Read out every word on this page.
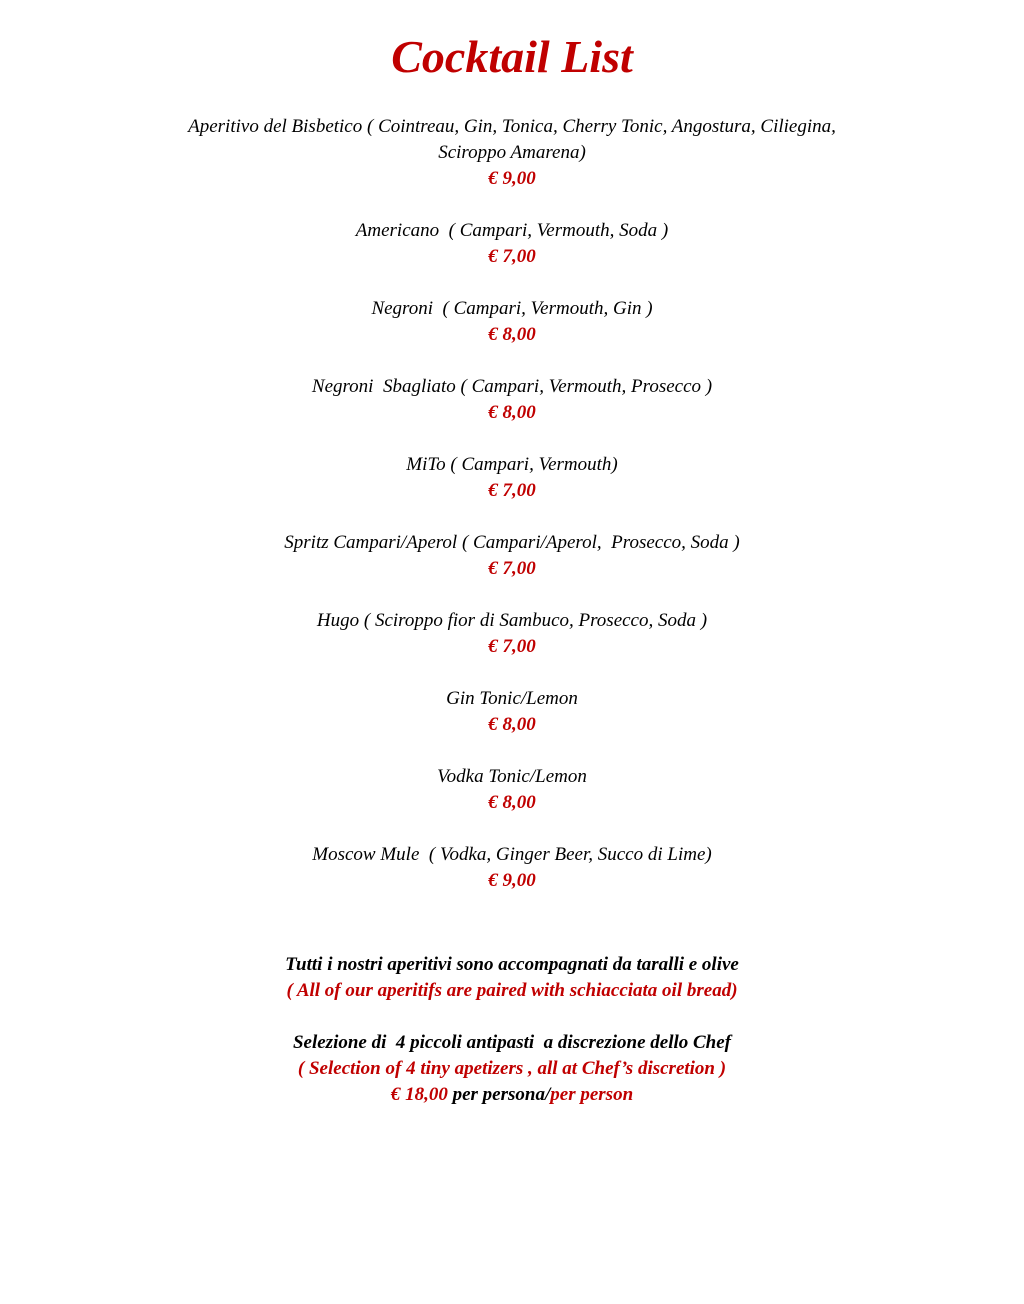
Cocktail List
Aperitivo del Bisbetico ( Cointreau, Gin, Tonica, Cherry Tonic, Angostura, Ciliegina, Sciroppo Amarena)
€ 9,00
Americano  ( Campari, Vermouth, Soda )
€ 7,00
Negroni  ( Campari, Vermouth, Gin )
€ 8,00
Negroni  Sbagliato ( Campari, Vermouth, Prosecco )
€ 8,00
MiTo ( Campari, Vermouth)
€ 7,00
Spritz Campari/Aperol ( Campari/Aperol,  Prosecco, Soda )
€ 7,00
Hugo ( Sciroppo fior di Sambuco, Prosecco, Soda )
€ 7,00
Gin Tonic/Lemon
€ 8,00
Vodka Tonic/Lemon
€ 8,00
Moscow Mule  ( Vodka, Ginger Beer, Succo di Lime)
€ 9,00
Tutti i nostri aperitivi sono accompagnati da taralli e olive
( All of our aperitifs are paired with schiacciata oil bread)
Selezione di  4 piccoli antipasti  a discrezione dello Chef
( Selection of 4 tiny apetizers , all at Chef’s discretion )
€ 18,00 per persona/per person
